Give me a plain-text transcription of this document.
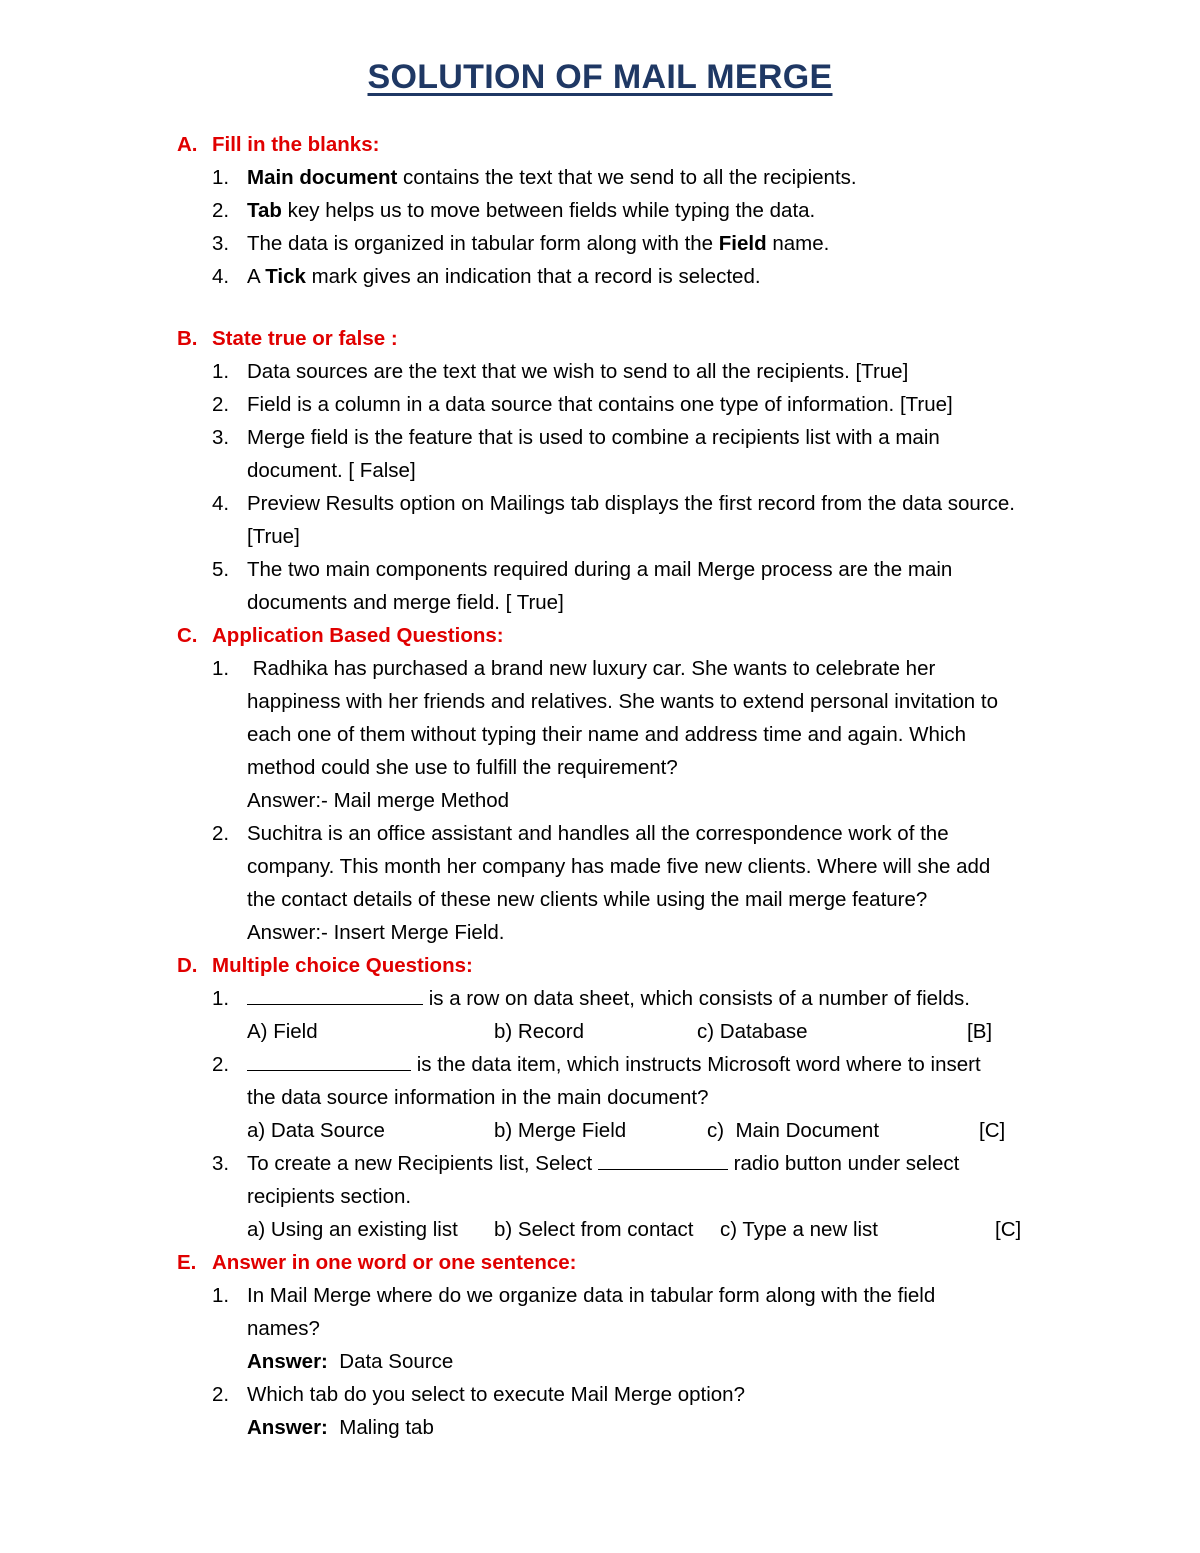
SOLUTION OF MAIL MERGE
A. Fill in the blanks:
1. Main document contains the text that we send to all the recipients.
2. Tab key helps us to move between fields while typing the data.
3. The data is organized in tabular form along with the Field name.
4. A Tick mark gives an indication that a record is selected.
B. State true or false :
1. Data sources are the text that we wish to send to all the recipients. [True]
2. Field is a column in a data source that contains one type of information. [True]
3. Merge field is the feature that is used to combine a recipients list with a main
document. [ False]
4. Preview Results option on Mailings tab displays the first record from the data source.
[True]
5. The two main components required during a mail Merge process are the main
documents and merge field. [ True]
C. Application Based Questions:
1. Radhika has purchased a brand new luxury car. She wants to celebrate her
happiness with her friends and relatives. She wants to extend personal invitation to
each one of them without typing their name and address time and again. Which
method could she use to fulfill the requirement?
Answer:- Mail merge Method
2. Suchitra is an office assistant and handles all the correspondence work of the
company. This month her company has made five new clients. Where will she add
the contact details of these new clients while using the mail merge feature?
Answer:- Insert Merge Field.
D. Multiple choice Questions:
1.	is a row on data sheet, which consists of a number of fields.
A) Field	b) Record	c) Database	[B]
2.	is the data item, which instructs Microsoft word where to insert
the data source information in the main document?
a) Data Source	b) Merge Field	c)  Main Document	[C]
3. To create a new Recipients list, Select	radio button under select
recipients section.
a) Using an existing list b) Select from contact c) Type a new list	[C]
E. Answer in one word or one sentence:
1. In Mail Merge where do we organize data in tabular form along with the field
names?
Answer:  Data Source
2. Which tab do you select to execute Mail Merge option?
Answer:  Maling tab
